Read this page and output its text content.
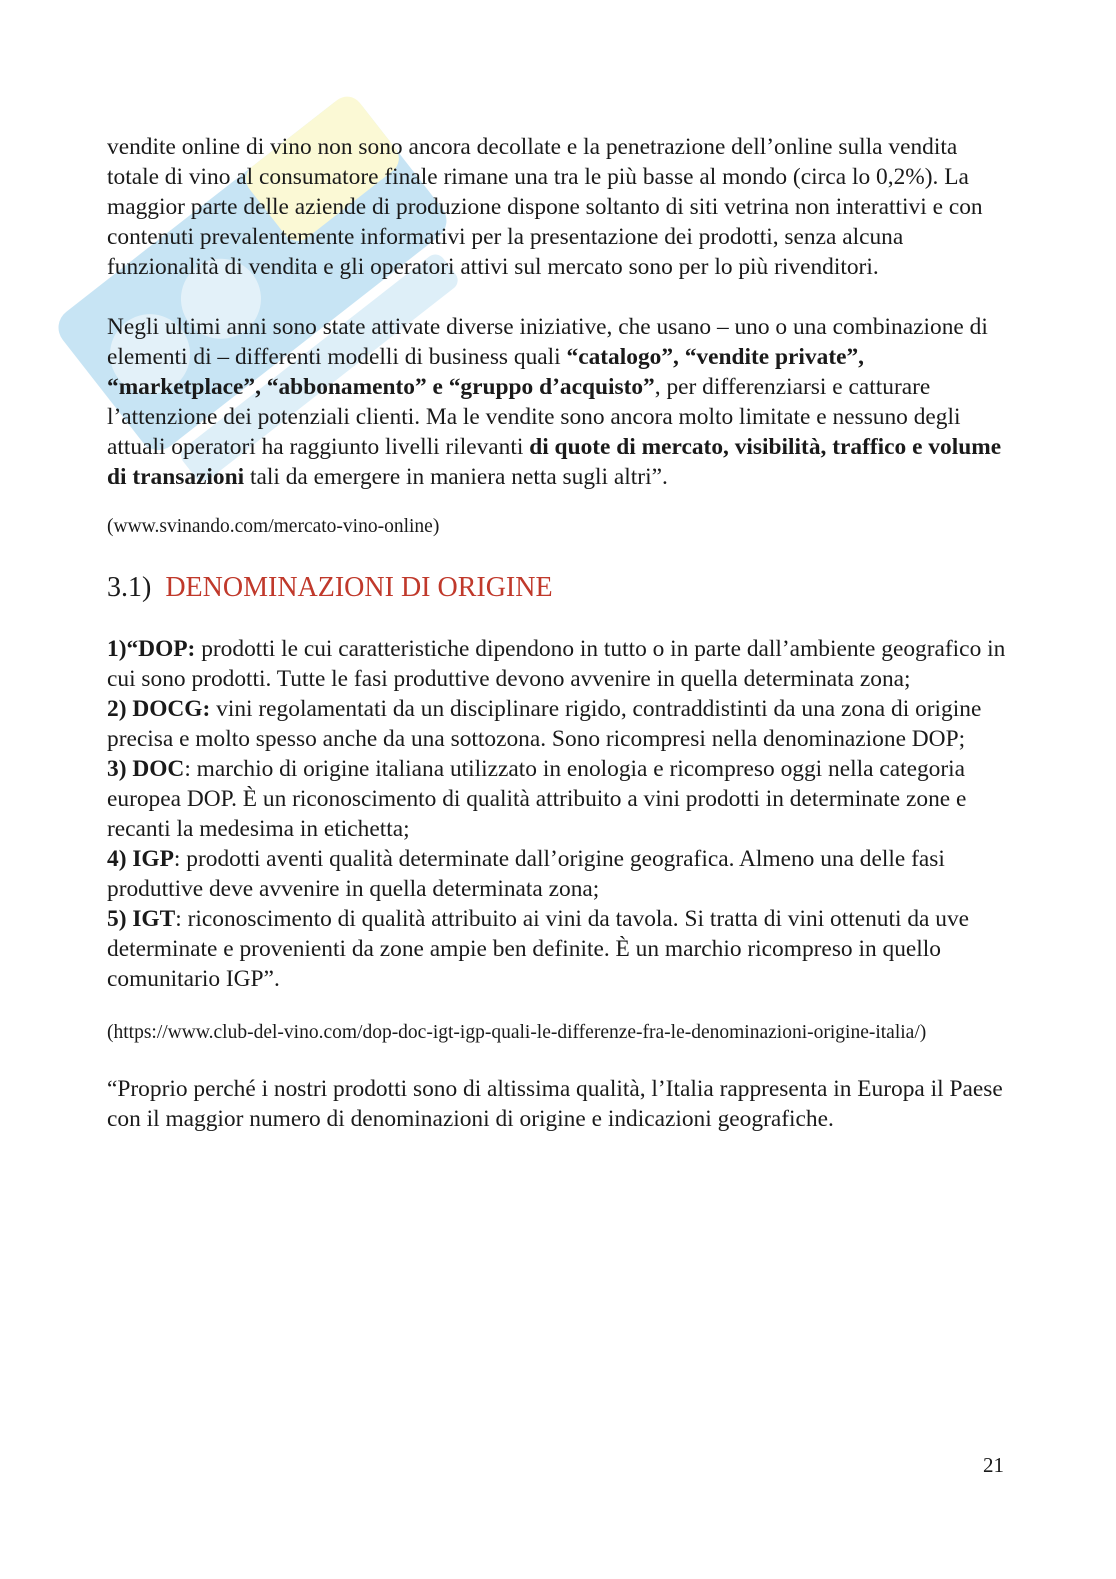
vendite online di vino non sono ancora decollate e la penetrazione dell’online sulla vendita totale di vino al consumatore finale rimane una tra le più basse al mondo (circa lo 0,2%). La maggior parte delle aziende di produzione dispone soltanto di siti vetrina non interattivi e con contenuti prevalentemente informativi per la presentazione dei prodotti, senza alcuna funzionalità di vendita e gli operatori attivi sul mercato sono per lo più rivenditori.

Negli ultimi anni sono state attivate diverse iniziative, che usano – uno o una combinazione di elementi di – differenti modelli di business quali “catalogo”, “vendite private”, “marketplace”, “abbonamento” e “gruppo d’acquisto”, per differenziarsi e catturare l’attenzione dei potenziali clienti. Ma le vendite sono ancora molto limitate e nessuno degli attuali operatori ha raggiunto livelli rilevanti di quote di mercato, visibilità, traffico e volume di transazioni tali da emergere in maniera netta sugli altri”.

(www.svinando.com/mercato-vino-online)

3.1) DENOMINAZIONI DI ORIGINE

1)“DOP: prodotti le cui caratteristiche dipendono in tutto o in parte dall’ambiente geografico in cui sono prodotti. Tutte le fasi produttive devono avvenire in quella determinata zona;

2) DOCG: vini regolamentati da un disciplinare rigido, contraddistinti da una zona di origine precisa e molto spesso anche da una sottozona. Sono ricompresi nella denominazione DOP;

3) DOC: marchio di origine italiana utilizzato in enologia e ricompreso oggi nella categoria europea DOP. È un riconoscimento di qualità attribuito a vini prodotti in determinate zone e recanti la medesima in etichetta;

4) IGP: prodotti aventi qualità determinate dall’origine geografica. Almeno una delle fasi produttive deve avvenire in quella determinata zona;

5) IGT: riconoscimento di qualità attribuito ai vini da tavola. Si tratta di vini ottenuti da uve determinate e provenienti da zone ampie ben definite. È un marchio ricompreso in quello comunitario IGP”.

(https://www.club-del-vino.com/dop-doc-igt-igp-quali-le-differenze-fra-le-denominazioni-origine-italia/)

“Proprio perché i nostri prodotti sono di altissima qualità, l’Italia rappresenta in Europa il Paese con il maggior numero di denominazioni di origine e indicazioni geografiche.

21
